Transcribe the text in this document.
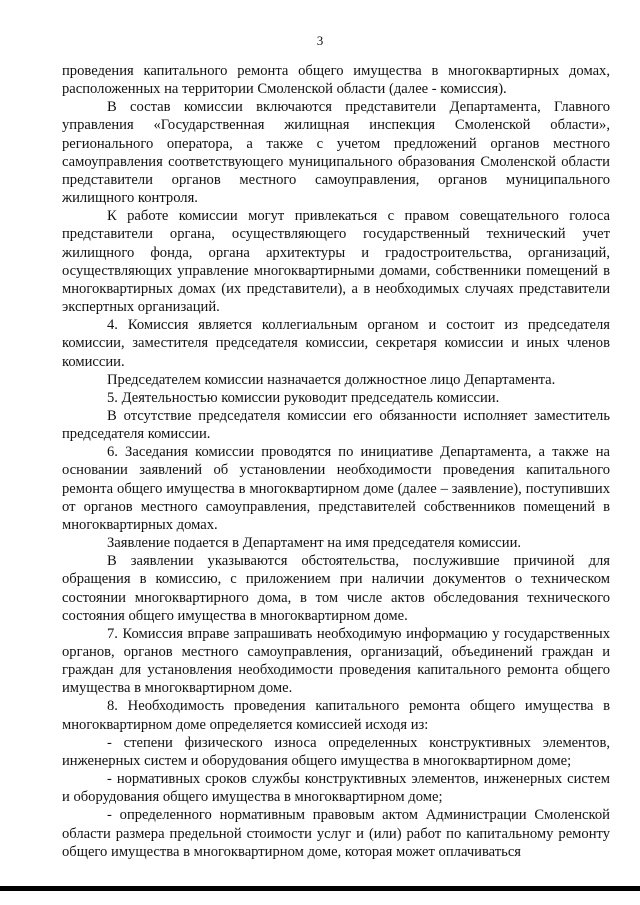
3

проведения капитального ремонта общего имущества в многоквартирных домах, расположенных на территории Смоленской области (далее - комиссия).

В состав комиссии включаются представители Департамента, Главного управления «Государственная жилищная инспекция Смоленской области», регионального оператора, а также с учетом предложений органов местного самоуправления соответствующего муниципального образования Смоленской области представители органов местного самоуправления, органов муниципального жилищного контроля.

К работе комиссии могут привлекаться с правом совещательного голоса представители органа, осуществляющего государственный технический учет жилищного фонда, органа архитектуры и градостроительства, организаций, осуществляющих управление многоквартирными домами, собственники помещений в многоквартирных домах (их представители), а в необходимых случаях представители экспертных организаций.

4. Комиссия является коллегиальным органом и состоит из председателя комиссии, заместителя председателя комиссии, секретаря комиссии и иных членов комиссии.

Председателем комиссии назначается должностное лицо Департамента.

5. Деятельностью комиссии руководит председатель комиссии.

В отсутствие председателя комиссии его обязанности исполняет заместитель председателя комиссии.

6. Заседания комиссии проводятся по инициативе Департамента, а также на основании заявлений об установлении необходимости проведения капитального ремонта общего имущества в многоквартирном доме (далее – заявление), поступивших от органов местного самоуправления, представителей собственников помещений в многоквартирных домах.

Заявление подается в Департамент на имя председателя комиссии.

В заявлении указываются обстоятельства, послужившие причиной для обращения в комиссию, с приложением при наличии документов о техническом состоянии многоквартирного дома, в том числе актов обследования технического состояния общего имущества в многоквартирном доме.

7. Комиссия вправе запрашивать необходимую информацию у государственных органов, органов местного самоуправления, организаций, объединений граждан и граждан для установления необходимости проведения капитального ремонта общего имущества в многоквартирном доме.

8. Необходимость проведения капитального ремонта общего имущества в многоквартирном доме определяется комиссией исходя из:

- степени физического износа определенных конструктивных элементов, инженерных систем и оборудования общего имущества в многоквартирном доме;

- нормативных сроков службы конструктивных элементов, инженерных систем и оборудования общего имущества в многоквартирном доме;

- определенного нормативным правовым актом Администрации Смоленской области размера предельной стоимости услуг и (или) работ по капитальному ремонту общего имущества в многоквартирном доме, которая может оплачиваться
